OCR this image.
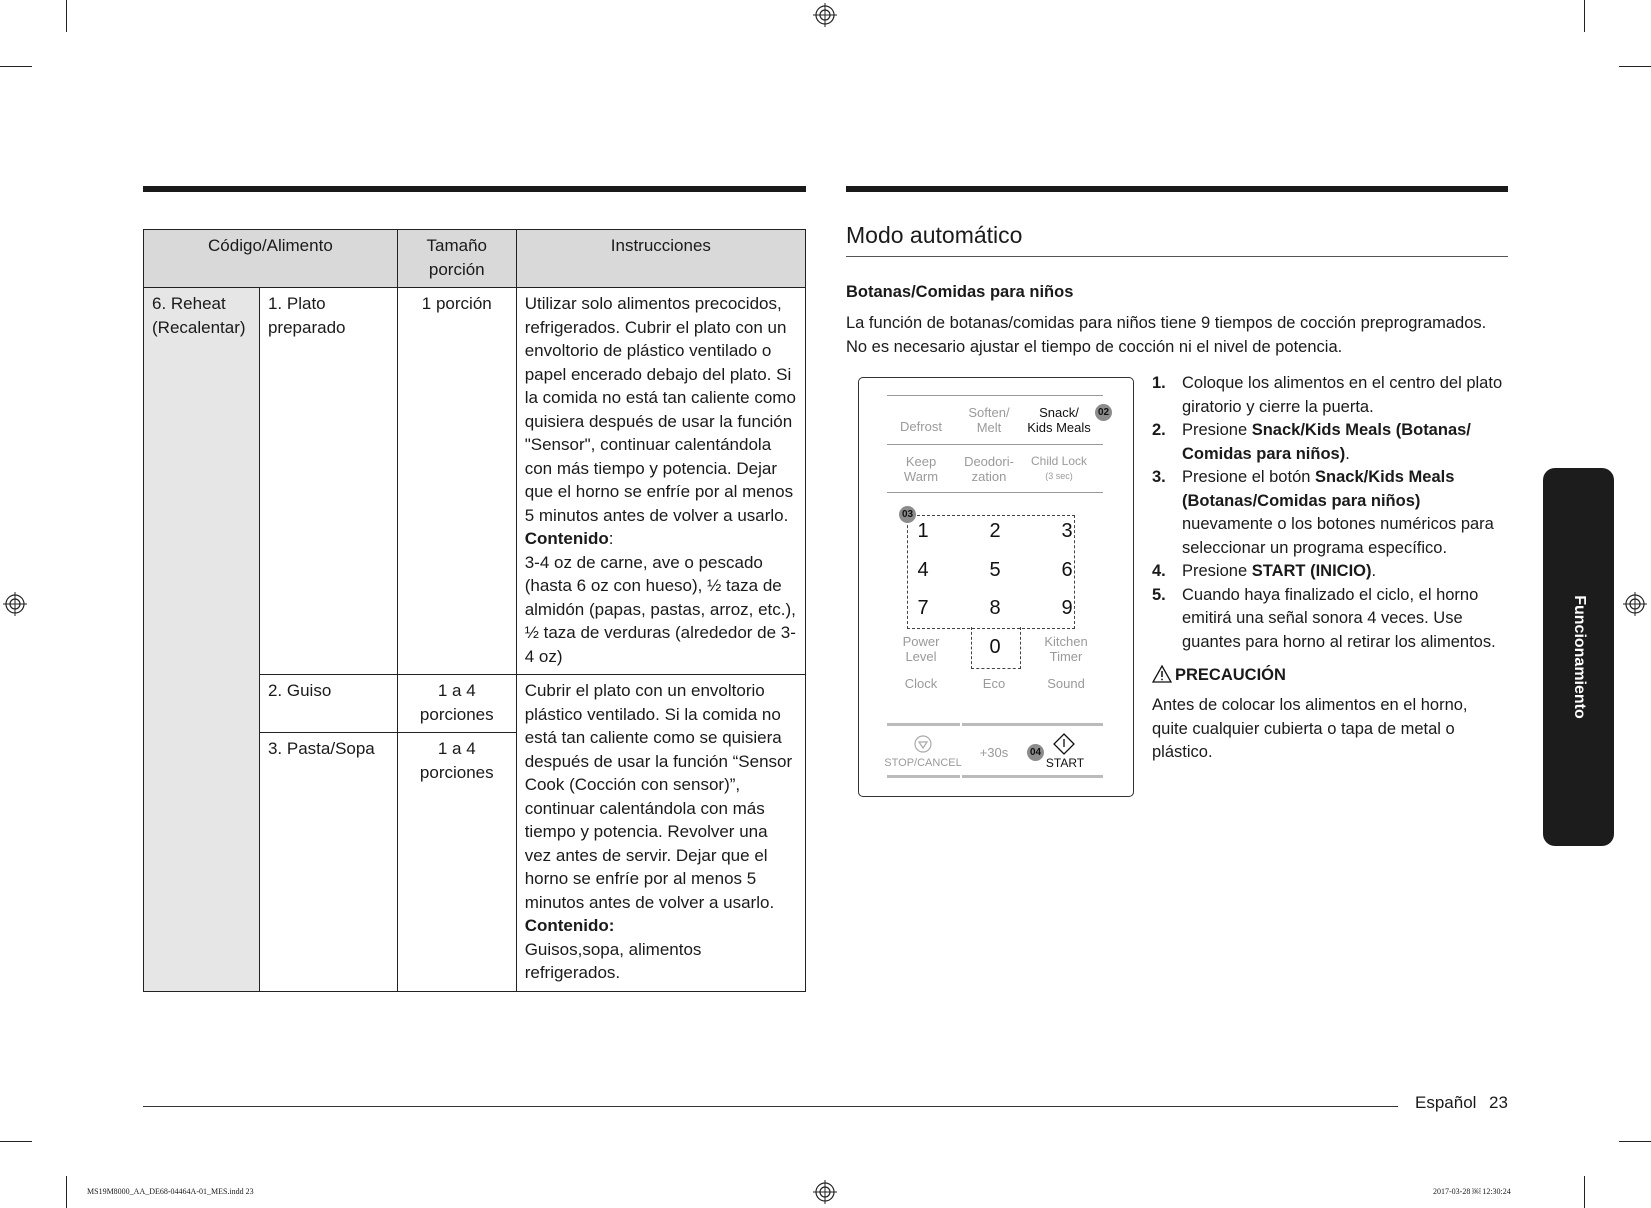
Código/Alimento		Tamaño porción	Instrucciones
6. Reheat (Recalentar)	1. Plato preparado	1 porción	Utilizar solo alimentos precocidos, refrigerados. Cubrir el plato con un envoltorio de plástico ventilado o papel encerado debajo del plato. Si la comida no está tan caliente como quisiera después de usar la función "Sensor", continuar calentándola con más tiempo y potencia. Dejar que el horno se enfríe por al menos 5 minutos antes de volver a usarlo.
Contenido:
3-4 oz de carne, ave o pescado (hasta 6 oz con hueso), ½ taza de almidón (papas, pastas, arroz, etc.), ½ taza de verduras (alrededor de 3-4 oz)
	2. Guiso	1 a 4 porciones	Cubrir el plato con un envoltorio plástico ventilado. Si la comida no está tan caliente como se quisiera después de usar la función “Sensor Cook (Cocción con sensor)”, continuar calentándola con más tiempo y potencia. Revolver una vez antes de servir. Dejar que el horno se enfríe por al menos 5 minutos antes de volver a usarlo.
Contenido:
Guisos,sopa, alimentos refrigerados.
	3. Pasta/Sopa	1 a 4 porciones	
Modo automático
Botanas/Comidas para niños
La función de botanas/comidas para niños tiene 9 tiempos de cocción preprogramados. No es necesario ajustar el tiempo de cocción ni el nivel de potencia.
Defrost
Soften/
Melt
Snack/
Kids Meals
02
Keep
Warm
Deodori-
zation
Child Lock
(3 sec)
03
1	2	3
4	5	6
7	8	9
0
Power
Level
Kitchen
Timer
Clock	Eco	Sound
STOP/CANCEL
+30s	04
START
1. Coloque los alimentos en el centro del plato giratorio y cierre la puerta.
2. Presione Snack/Kids Meals (Botanas/ Comidas para niños).
3. Presione el botón Snack/Kids Meals (Botanas/Comidas para niños) nuevamente o los botones numéricos para seleccionar un programa específico.
4. Presione START (INICIO).
5. Cuando haya finalizado el ciclo, el horno emitirá una señal sonora 4 veces. Use guantes para horno al retirar los alimentos.
PRECAUCIÓN
Antes de colocar los alimentos en el horno, quite cualquier cubierta o tapa de metal o plástico.
Funcionamiento
Español 23
MS19M8000_AA_DE68-04464A-01_MES.indd 23	2017-03-28 ￼ 12:30:24
